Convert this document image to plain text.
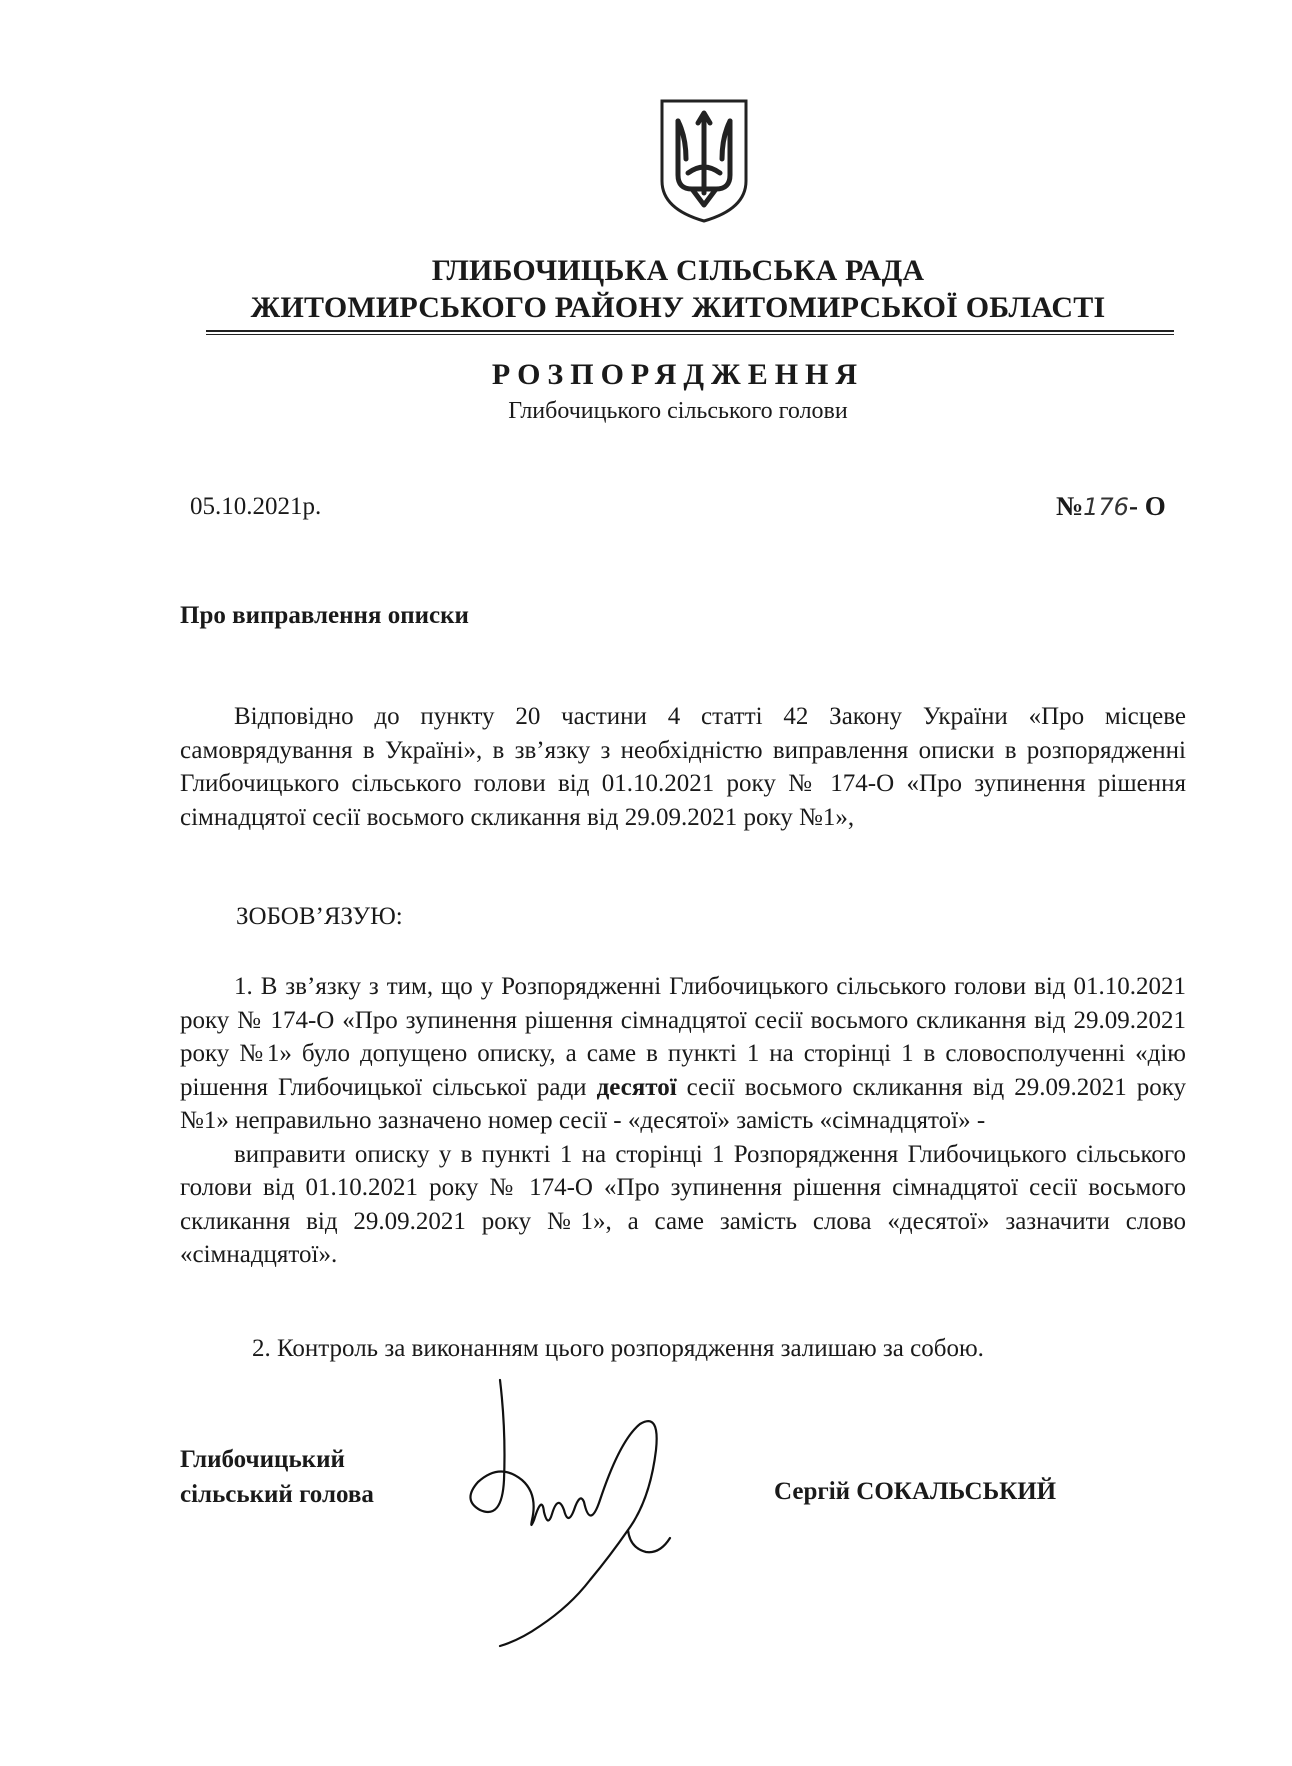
ГЛИБОЧИЦЬКА СІЛЬСЬКА РАДА
ЖИТОМИРСЬКОГО РАЙОНУ ЖИТОМИРСЬКОЇ ОБЛАСТІ
РОЗПОРЯДЖЕННЯ
Глибочицького сільського голови
05.10.2021р.	№176- О
Про виправлення описки

Відповідно до пункту 20 частини 4 статті 42 Закону України «Про місцеве самоврядування в Україні», в зв’язку з необхідністю виправлення описки в розпорядженні Глибочицького сільського голови від 01.10.2021 року № 174-О «Про зупинення рішення сімнадцятої сесії восьмого скликання від 29.09.2021 року №1»,

ЗОБОВ’ЯЗУЮ:

1. В зв’язку з тим, що у Розпорядженні Глибочицького сільського голови від 01.10.2021 року № 174-О «Про зупинення рішення сімнадцятої сесії восьмого скликання від 29.09.2021 року №1» було допущено описку, а саме в пункті 1 на сторінці 1 в словосполученні «дію рішення Глибочицької сільської ради десятої сесії восьмого скликання від 29.09.2021 року №1» неправильно зазначено номер сесії - «десятої» замість «сімнадцятої» -

виправити описку у в пункті 1 на сторінці 1 Розпорядження Глибочицького сільського голови від 01.10.2021 року № 174-О «Про зупинення рішення сімнадцятої сесії восьмого скликання від 29.09.2021 року №1», а саме замість слова «десятої» зазначити слово «сімнадцятої».

2. Контроль за виконанням цього розпорядження залишаю за собою.
Глибочицький
сільський голова	Сергій СОКАЛЬСЬКИЙ
